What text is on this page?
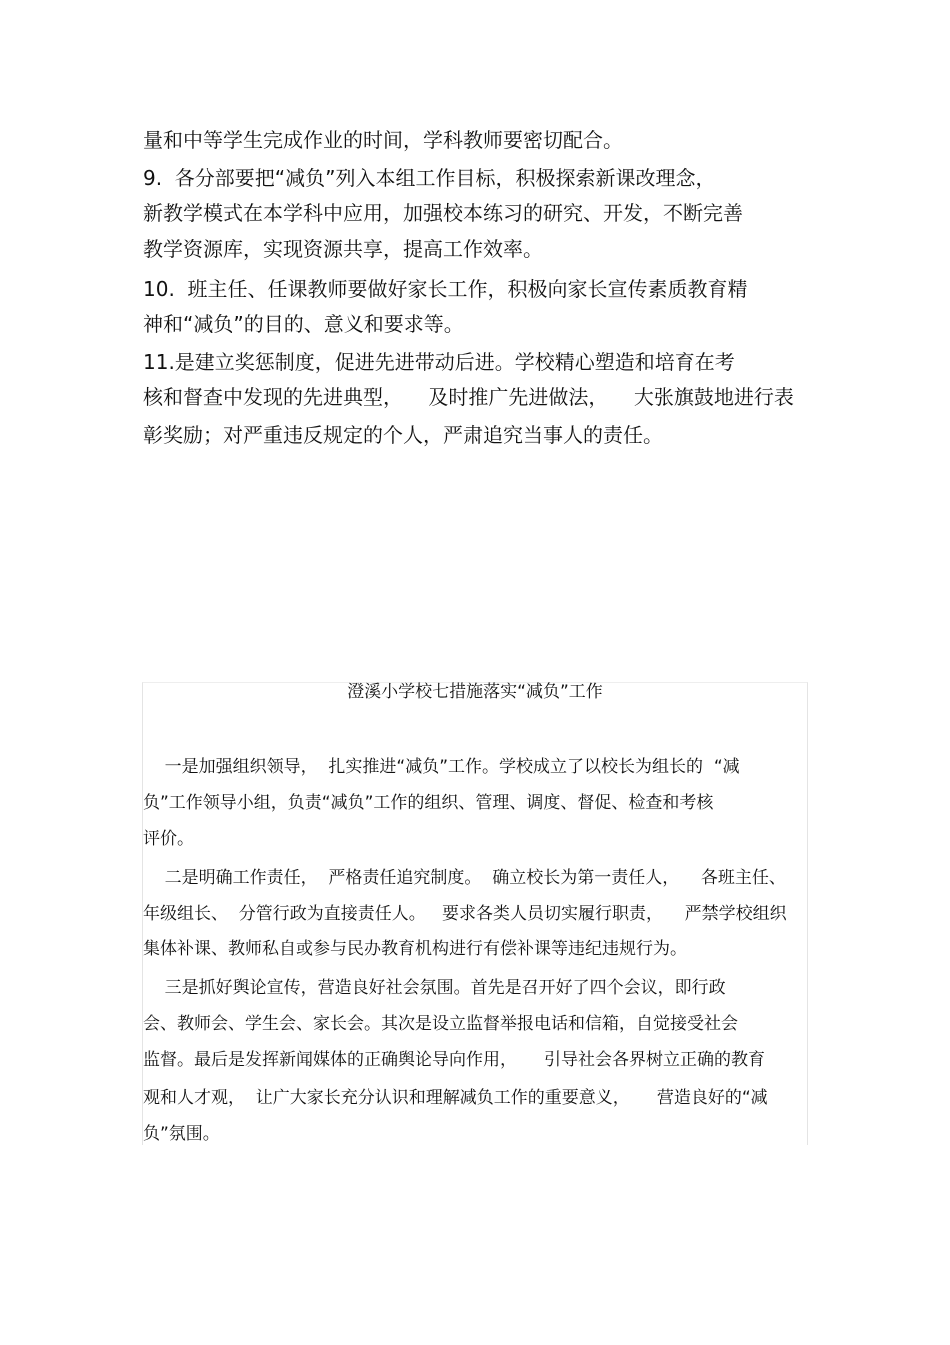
量和中等学生完成作业的时间，学科教师要密切配合。

9.  各分部要把“减负”列入本组工作目标，积极探索新课改理念，

新教学模式在本学科中应用，加强校本练习的研究、开发，不断完善

教学资源库，实现资源共享，提高工作效率。

10.  班主任、任课教师要做好家长工作，积极向家长宣传素质教育精

神和“减负”的目的、意义和要求等。

11.是建立奖惩制度，促进先进带动后进。学校精心塑造和培育在考

核和督查中发现的先进典型，    及时推广先进做法，    大张旗鼓地进行表

彰奖励；对严重违反规定的个人，严肃追究当事人的责任。

澄溪小学校七措施落实“减负”工作

一是加强组织领导，  扎实推进“减负”工作。学校成立了以校长为组长的  “减

负”工作领导小组，负责“减负”工作的组织、管理、调度、督促、检查和考核

评价。

二是明确工作责任，  严格责任追究制度。  确立校长为第一责任人，    各班主任、

年级组长、  分管行政为直接责任人。   要求各类人员切实履行职责，    严禁学校组织

集体补课、教师私自或参与民办教育机构进行有偿补课等违纪违规行为。

三是抓好舆论宣传，营造良好社会氛围。首先是召开好了四个会议，即行政

会、教师会、学生会、家长会。其次是设立监督举报电话和信箱，自觉接受社会

监督。最后是发挥新闻媒体的正确舆论导向作用，     引导社会各界树立正确的教育

观和人才观，  让广大家长充分认识和理解减负工作的重要意义，     营造良好的“减

负”氛围。
